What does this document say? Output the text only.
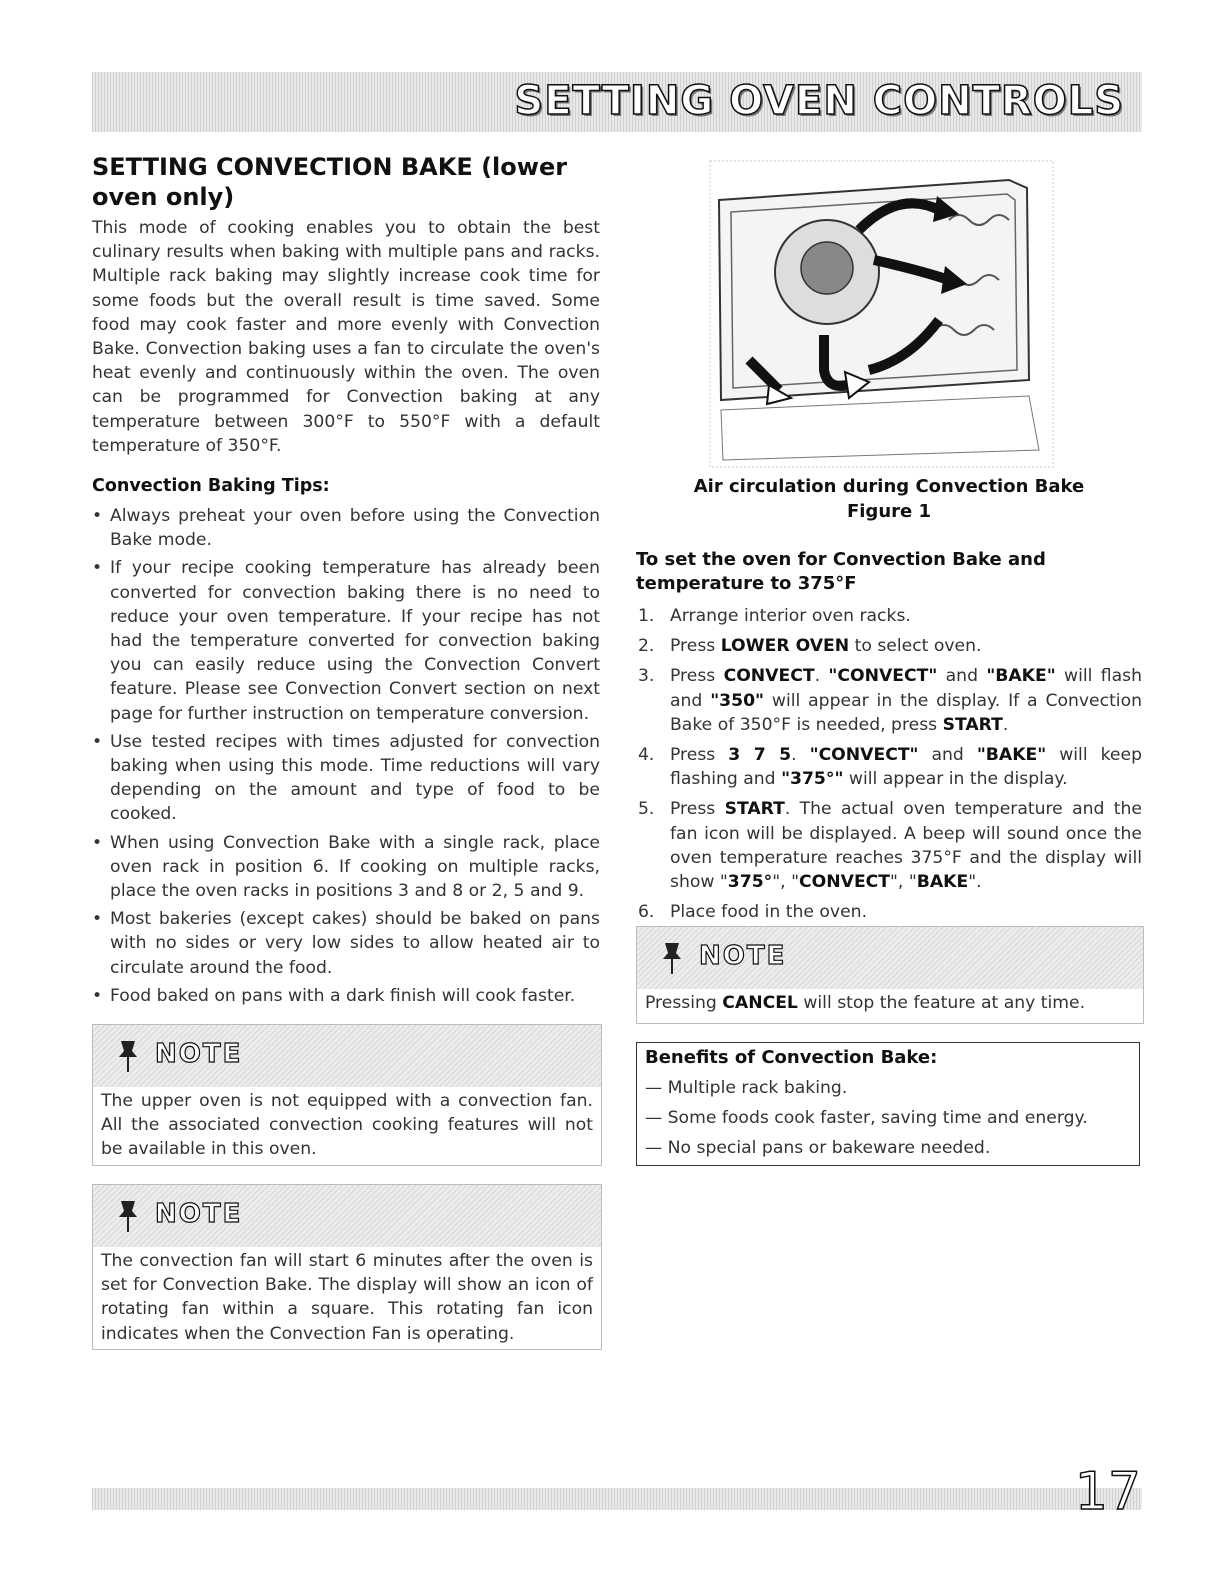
SETTING OVEN CONTROLS
SETTING CONVECTION BAKE (lower oven only)

This mode of cooking enables you to obtain the best culinary results when baking with multiple pans and racks. Multiple rack baking may slightly increase cook time for some foods but the overall result is time saved. Some food may cook faster and more evenly with Convection Bake. Convection baking uses a fan to circulate the oven's heat evenly and continuously within the oven. The oven can be programmed for Convection baking at any temperature between 300°F to 550°F with a default temperature of 350°F.

Convection Baking Tips:
• Always preheat your oven before using the Convection Bake mode.
• If your recipe cooking temperature has already been converted for convection baking there is no need to reduce your oven temperature. If your recipe has not had the temperature converted for convection baking you can easily reduce using the Convection Convert feature. Please see Convection Convert section on next page for further instruction on temperature conversion.
• Use tested recipes with times adjusted for convection baking when using this mode. Time reductions will vary depending on the amount and type of food to be cooked.
• When using Convection Bake with a single rack, place oven rack in position 6. If cooking on multiple racks, place the oven racks in positions 3 and 8 or 2, 5 and 9.
• Most bakeries (except cakes) should be baked on pans with no sides or very low sides to allow heated air to circulate around the food.
• Food baked on pans with a dark finish will cook faster.
NOTE
The upper oven is not equipped with a convection fan. All the associated convection cooking features will not be available in this oven.
NOTE
The convection fan will start 6 minutes after the oven is set for Convection Bake. The display will show an icon of rotating fan within a square. This rotating fan icon indicates when the Convection Fan is operating.
Air circulation during Convection Bake
Figure 1
To set the oven for Convection Bake and temperature to 375°F
1. Arrange interior oven racks.
2. Press LOWER OVEN to select oven.
3. Press CONVECT. "CONVECT" and "BAKE" will flash and "350" will appear in the display. If a Convection Bake of 350°F is needed, press START.
4. Press 3 7 5. "CONVECT" and "BAKE" will keep flashing and "375°" will appear in the display.
5. Press START. The actual oven temperature and the fan icon will be displayed. A beep will sound once the oven temperature reaches 375°F and the display will show "375°", "CONVECT", "BAKE".
6. Place food in the oven.
NOTE
Pressing CANCEL will stop the feature at any time.
Benefits of Convection Bake:
— Multiple rack baking.
— Some foods cook faster, saving time and energy.
— No special pans or bakeware needed.
17
